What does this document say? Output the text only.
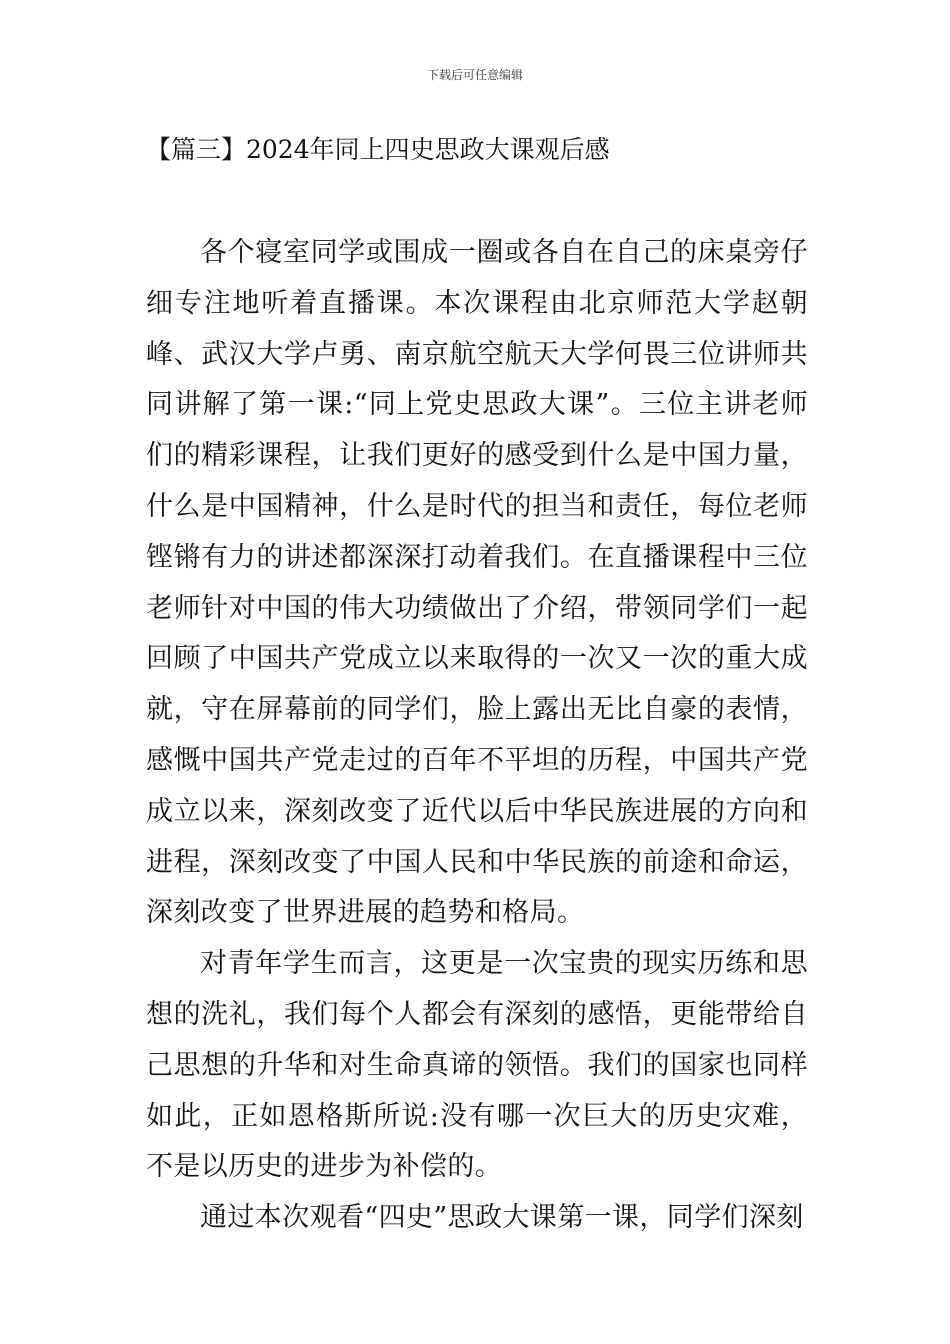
下载后可任意编辑
【篇三】2024年同上四史思政大课观后感

各个寝室同学或围成一圈或各自在自己的床桌旁仔细专注地听着直播课。本次课程由北京师范大学赵朝峰、武汉大学卢勇、南京航空航天大学何畏三位讲师共同讲解了第一课:“同上党史思政大课”。三位主讲老师们的精彩课程，让我们更好的感受到什么是中国力量，什么是中国精神，什么是时代的担当和责任，每位老师铿锵有力的讲述都深深打动着我们。在直播课程中三位老师针对中国的伟大功绩做出了介绍，带领同学们一起回顾了中国共产党成立以来取得的一次又一次的重大成就，守在屏幕前的同学们，脸上露出无比自豪的表情，感慨中国共产党走过的百年不平坦的历程，中国共产党成立以来，深刻改变了近代以后中华民族进展的方向和进程，深刻改变了中国人民和中华民族的前途和命运，深刻改变了世界进展的趋势和格局。

对青年学生而言，这更是一次宝贵的现实历练和思想的洗礼，我们每个人都会有深刻的感悟，更能带给自己思想的升华和对生命真谛的领悟。我们的国家也同样如此，正如恩格斯所说:没有哪一次巨大的历史灾难，不是以历史的进步为补偿的。

通过本次观看“四史”思政大课第一课，同学们深刻
